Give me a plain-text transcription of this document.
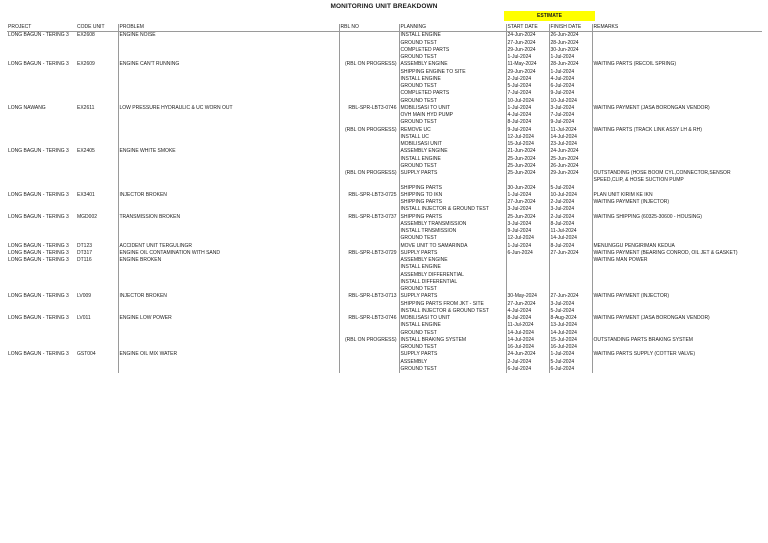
MONITORING UNIT BREAKDOWN
ESTIMATE
PROJECT	CODE UNIT	PROBLEM	RBL NO	PLANNING	START DATE	FINISH DATE	REMARKS
LONG BAGUN - TERING 3	EX2608	ENGINE NOISE		INSTALL ENGINE	24-Jun-2024	26-Jun-2024	
				GROUND TEST	27-Jun-2024	28-Jun-2024	
				COMPLETED PARTS	29-Jun-2024	30-Jun-2024	
				GROUND TEST	1-Jul-2024	1-Jul-2024	
LONG BAGUN - TERING 3	EX2609	ENGINE CAN'T RUNNING	(RBL ON PROGRESS)	ASSEMBLY ENGINE	11-May-2024	28-Jun-2024	WAITING PARTS (RECOIL SPRING)
				SHIPPING ENGINE TO SITE	29-Jun-2024	1-Jul-2024	
				INSTALL ENGINE	2-Jul-2024	4-Jul-2024	
				GROUND TEST	5-Jul-2024	6-Jul-2024	
				COMPLETED PARTS	7-Jul-2024	9-Jul-2024	
				GROUND TEST	10-Jul-2024	10-Jul-2024	
LONG NAWANG	EX2611	LOW PRESSURE HYDRAULIC & UC WORN OUT	RBL-SPR-LBT3-0746	MOBILISASI TO UNIT	1-Jul-2024	3-Jul-2024	WAITING PAYMENT (JASA BORONGAN VENDOR)
				OVH MAIN HYD PUMP	4-Jul-2024	7-Jul-2024	
				GROUND TEST	8-Jul-2024	9-Jul-2024	
			(RBL ON PROGRESS)	REMOVE UC	9-Jul-2024	11-Jul-2024	WAITING PARTS (TRACK LINK ASSY LH & RH)
				INSTALL UC	12-Jul-2024	14-Jul-2024	
				MOBILISASI UNIT	15-Jul-2024	23-Jul-2024	
LONG BAGUN - TERING 3	EX2405	ENGINE WHITE SMOKE		ASSEMBLY ENGINE	21-Jun-2024	24-Jun-2024	
				INSTALL ENGINE	25-Jun-2024	25-Jun-2024	
				GROUND TEST	25-Jun-2024	26-Jun-2024	
			(RBL ON PROGRESS)	SUPPLY PARTS	25-Jun-2024	29-Jun-2024	OUTSTANDING (HOSE BOOM CYL,CONNECTOR,SENSOR
							SPEED,CLIP, & HOSE SUCTION PUMP
				SHIPPING PARTS	30-Jun-2024	5-Jul-2024	
LONG BAGUN - TERING 3	EX3401	INJECTOR BROKEN	RBL-SPR-LBT3-0725	SHIPPING TO IKN	1-Jul-2024	10-Jul-2024	PLAN UNIT KIRIM KE IKN
				SHIPPING PARTS	27-Jun-2024	2-Jul-2024	WAITING PAYMENT (INJECTOR)
				INSTALL INJECTOR & GROUND TEST	3-Jul-2024	3-Jul-2024	
LONG BAGUN - TERING 3	MGD002	TRANSMISSION BROKEN	RBL-SPR-LBT3-0737	SHIPPING PARTS	25-Jun-2024	2-Jul-2024	WAITING SHIPPING (60325-30600 - HOUSING)
				ASSEMBLY TRANSMISSION	3-Jul-2024	8-Jul-2024	
				INSTALL TRNSMISSION	9-Jul-2024	11-Jul-2024	
				GROUND TEST	12-Jul-2024	14-Jul-2024	
LONG BAGUN - TERING 3	DT123	ACCIDENT UNIT TERGULINGR		MOVE UNIT TO SAMARINDA	1-Jul-2024	8-Jul-2024	MENUNGGU PENGIRIMAN KEDUA
LONG BAGUN - TERING 3	DT317	ENGINE OIL CONTAMINATION WITH SAND	RBL-SPR-LBT3-0729	SUPPLY PARTS	6-Jun-2024	27-Jun-2024	WAITING PAYMENT (BEARING CONROD, OIL JET & GASKET)
LONG BAGUN - TERING 3	DT116	ENGINE BROKEN		ASSEMBLY ENGINE			WAITING MAN POWER
				INSTALL ENGINE			
				ASSEMBLY DIFFERENTIAL			
				INSTALL DIFFERENTIAL			
				GROUND TEST			
LONG BAGUN - TERING 3	LV009	INJECTOR BROKEN	RBL-SPR-LBT3-0713	SUPPLY PARTS	30-May-2024	27-Jun-2024	WAITING PAYMENT (INJECTOR)
				SHIPPING PARTS FROM JKT - SITE	27-Jun-2024	3-Jul-2024	
				INSTALL INJECTOR & GROUND TEST	4-Jul-2024	5-Jul-2024	
LONG BAGUN - TERING 3	LV011	ENGINE LOW POWER	RBL-SPR-LBT3-0746	MOBILISASI TO UNIT	8-Jul-2024	8-Aug-2024	WAITING PAYMENT (JASA BORONGAN VENDOR)
				INSTALL ENGINE	11-Jul-2024	13-Jul-2024	
				GROUND TEST	14-Jul-2024	14-Jul-2024	
			(RBL ON PROGRESS)	INSTALL BRAKING SYSTEM	14-Jul-2024	15-Jul-2024	OUTSTANDING PARTS BRAKING SYSTEM
				GROUND TEST	16-Jul-2024	16-Jul-2024	
LONG BAGUN - TERING 3	GST004	ENGINE OIL MIX WATER		SUPPLY PARTS	24-Jun-2024	1-Jul-2024	WAITING PARTS SUPPLY (COTTER VALVE)
				ASSEMBLY	2-Jul-2024	5-Jul-2024	
				GROUND TEST	6-Jul-2024	6-Jul-2024	
